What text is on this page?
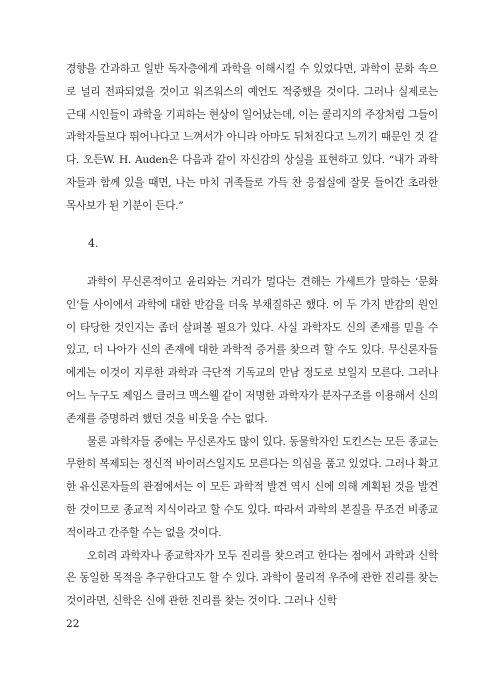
경향을 간과하고 일반 독자층에게 과학을 이해시킬 수 있었다면, 과학이 문화 속으로 널리 전파되었을 것이고 워즈워스의 예언도 적중했을 것이다. 그러나 실제로는 근대 시인들이 과학을 기피하는 현상이 일어났는데, 이는 콜리지의 주장처럼 그들이 과학자들보다 뛰어나다고 느껴서가 아니라 아마도 뒤처진다고 느끼기 때문인 것 같다. 오든W. H. Auden은 다음과 같이 자신감의 상실을 표현하고 있다. “내가 과학자들과 함께 있을 때면, 나는 마치 귀족들로 가득 찬 응접실에 잘못 들어간 초라한 목사보가 된 기분이 든다.”

4.

과학이 무신론적이고 윤리와는 거리가 멀다는 견해는 가세트가 말하는 ‘문화인’들 사이에서 과학에 대한 반감을 더욱 부채질하곤 했다. 이 두 가지 반감의 원인이 타당한 것인지는 좀더 살펴볼 필요가 있다. 사실 과학자도 신의 존재를 믿을 수 있고, 더 나아가 신의 존재에 대한 과학적 증거를 찾으려 할 수도 있다. 무신론자들에게는 이것이 지루한 과학과 극단적 기독교의 만남 정도로 보일지 모른다. 그러나 어느 누구도 제임스 클러크 맥스웰 같이 저명한 과학자가 분자구조를 이용해서 신의 존재를 증명하려 했던 것을 비웃을 수는 없다.

물론 과학자들 중에는 무신론자도 많이 있다. 동물학자인 도킨스는 모든 종교는 무한히 복제되는 정신적 바이러스일지도 모른다는 의심을 품고 있었다. 그러나 확고한 유신론자들의 관점에서는 이 모든 과학적 발견 역시 신에 의해 계획된 것을 발견한 것이므로 종교적 지식이라고 할 수도 있다. 따라서 과학의 본질을 무조건 비종교적이라고 간주할 수는 없을 것이다.

오히려 과학자나 종교학자가 모두 진리를 찾으려고 한다는 점에서 과학과 신학은 동일한 목적을 추구한다고도 할 수 있다. 과학이 물리적 우주에 관한 진리를 찾는 것이라면, 신학은 신에 관한 진리를 찾는 것이다. 그러나 신학

22
